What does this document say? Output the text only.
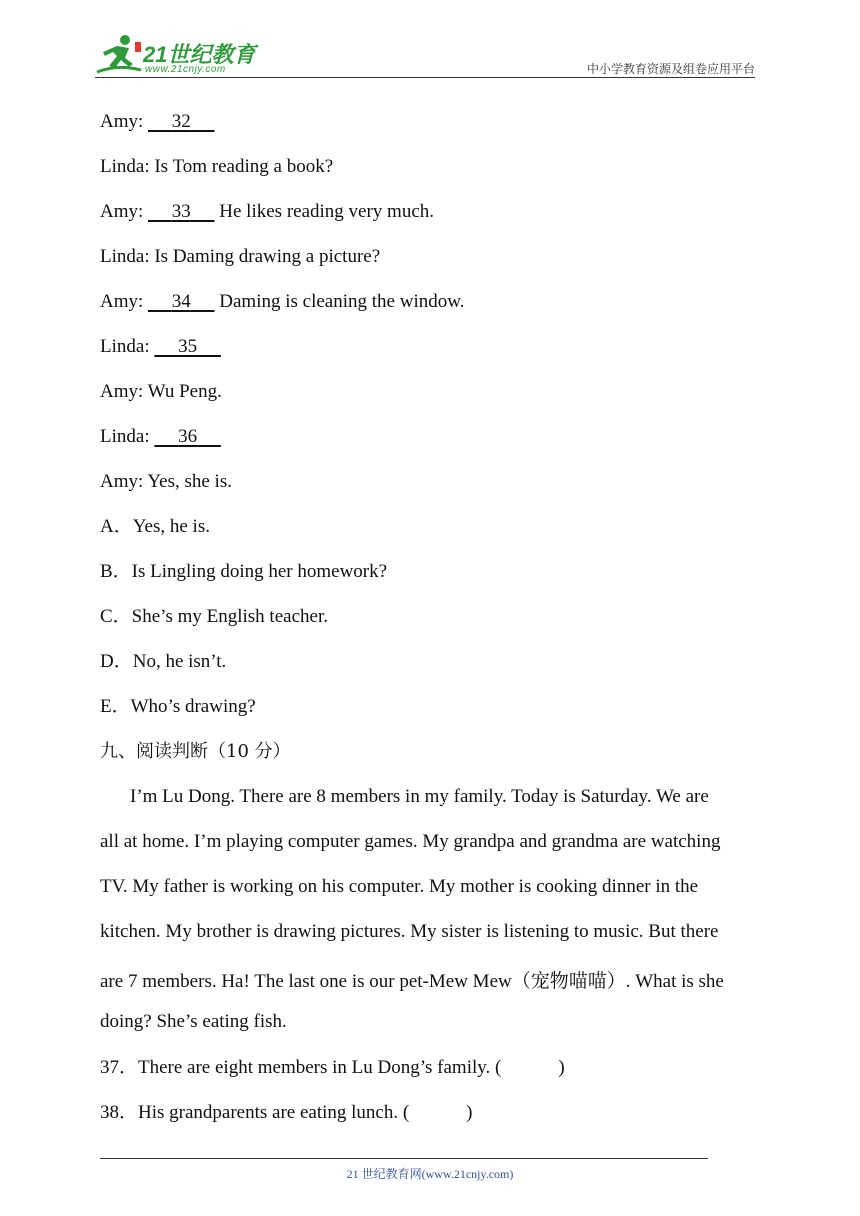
21世纪教育
www.21cnjy.com	中小学教育资源及组卷应用平台
Amy:      32
Linda: Is Tom reading a book?
Amy:      33      He likes reading very much.
Linda: Is Daming drawing a picture?
Amy:      34      Daming is cleaning the window.
Linda:      35
Amy: Wu Peng.
Linda:      36
Amy: Yes, she is.
A．Yes, he is.
B．Is Lingling doing her homework?
C．She’s my English teacher.
D．No, he isn’t.
E．Who’s drawing?
九、阅读判断（10 分）
I’m Lu Dong. There are 8 members in my family. Today is Saturday. We are
all at home. I’m playing computer games. My grandpa and grandma are watching
TV. My father is working on his computer. My mother is cooking dinner in the
kitchen. My brother is drawing pictures. My sister is listening to music. But there
are 7 members. Ha! The last one is our pet-Mew Mew（宠物喵喵）. What is she
doing? She’s eating fish.
37．There are eight members in Lu Dong’s family. (            )
38．His grandparents are eating lunch. (            )
21 世纪教育网(www.21cnjy.com)
